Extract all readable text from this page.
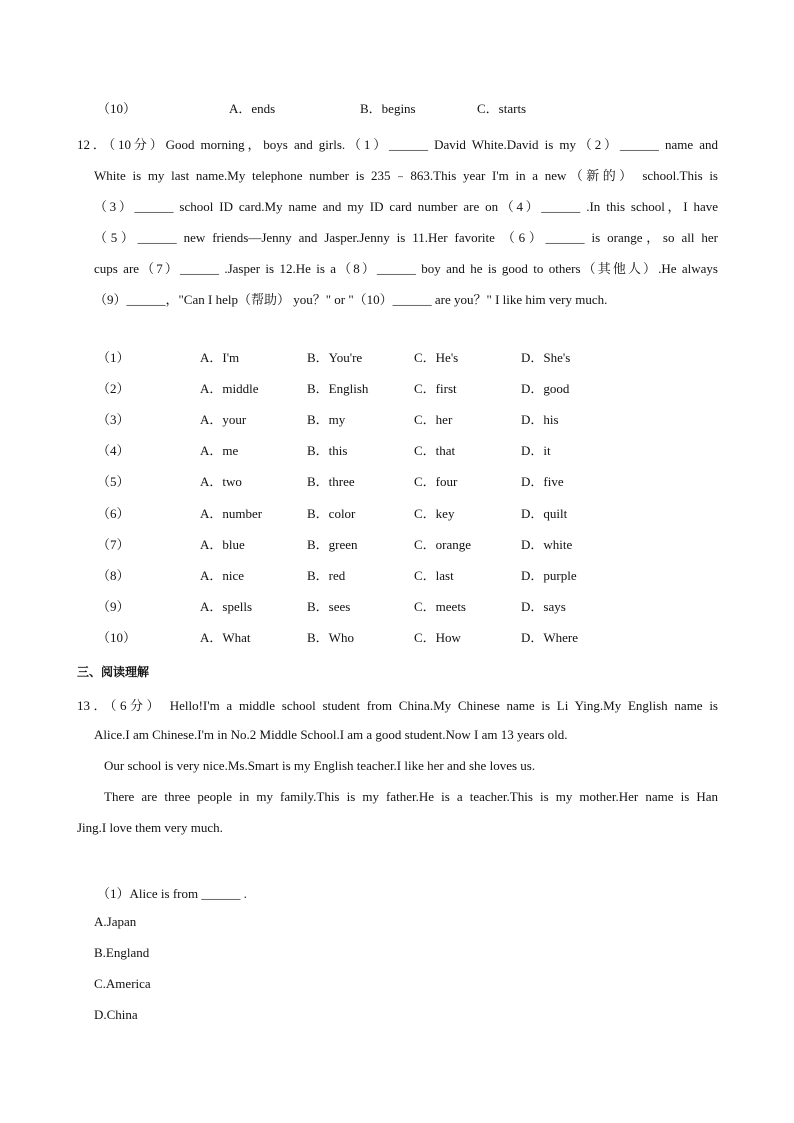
（10）	A．ends	B．begins	C．starts
12．（10分）Good morning，boys and girls.（1）______ David White.David is my（2）______ name and
White is my last name.My telephone number is 235﹣863.This year I'm in a new（新的） school.This is
（3）______ school ID card.My name and my ID card number are on（4）______ .In this school，I have
（5）______ new friends—Jenny and Jasper.Jenny is 11.Her favorite （6）______ is orange，so all her
cups are（7）______ .Jasper is 12.He is a（8）______ boy and he is good to others（其他人）.He always
（9）______，"Can I help（帮助） you？" or "（10）______ are you？" I like him very much.
（1）	A．I'm	B．You're	C．He's	D．She's
（2）	A．middle	B．English	C．first	D．good
（3）	A．your	B．my	C．her	D．his
（4）	A．me	B．this	C．that	D．it
（5）	A．two	B．three	C．four	D．five
（6）	A．number	B．color	C．key	D．quilt
（7）	A．blue	B．green	C．orange	D．white
（8）	A．nice	B．red	C．last	D．purple
（9）	A．spells	B．sees	C．meets	D．says
（10）	A．What	B．Who	C．How	D．Where
三、阅读理解
13．（6分） Hello!I'm a middle school student from China.My Chinese name is Li Ying.My English name is
Alice.I am Chinese.I'm in No.2 Middle School.I am a good student.Now I am 13 years old.
Our school is very nice.Ms.Smart is my English teacher.I like her and she loves us.
There are three people in my family.This is my father.He is a teacher.This is my mother.Her name is Han
Jing.I love them very much.
（1）Alice is from ______ .
A.Japan
B.England
C.America
D.China
